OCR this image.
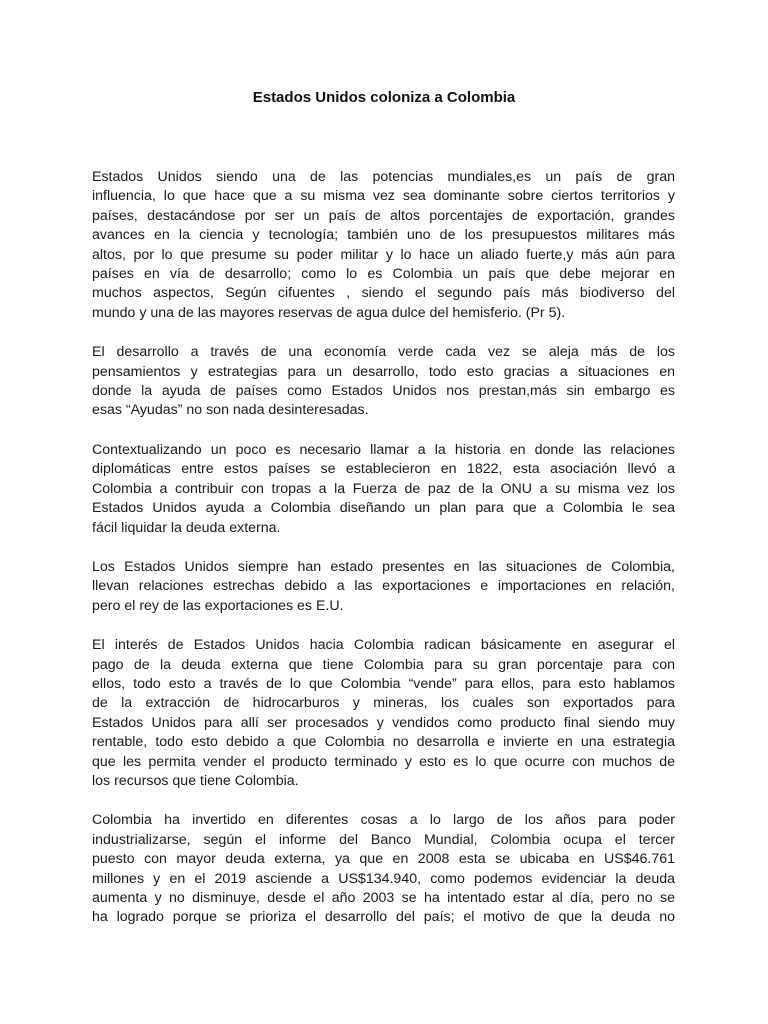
Estados Unidos coloniza a Colombia

Estados Unidos siendo una de las potencias mundiales,es un país de gran
influencia, lo que hace que a su misma vez sea dominante sobre ciertos territorios y
países, destacándose por ser un país de altos porcentajes de exportación, grandes
avances en la ciencia y tecnología; también uno de los presupuestos militares más
altos, por lo que presume su poder militar y lo hace un aliado fuerte,y más aún para
países en vía de desarrollo; como lo es Colombia un país que debe mejorar en
muchos aspectos, Según cifuentes , siendo el segundo país más biodiverso del
mundo y una de las mayores reservas de agua dulce del hemisferio. (Pr 5).

El desarrollo a través de una economía verde cada vez se aleja más de los
pensamientos y estrategias para un desarrollo, todo esto gracias a situaciones en
donde la ayuda de países como Estados Unidos nos prestan,más sin embargo es
esas “Ayudas” no son nada desinteresadas.

Contextualizando un poco es necesario llamar a la historia en donde las relaciones
diplomáticas entre estos países se establecieron en 1822, esta asociación llevó a
Colombia a contribuir con tropas a la Fuerza de paz de la ONU a su misma vez los
Estados Unidos ayuda a Colombia diseñando un plan para que a Colombia le sea
fácil liquidar la deuda externa.

Los Estados Unidos siempre han estado presentes en las situaciones de Colombia,
llevan relaciones estrechas debido a las exportaciones e importaciones en relación,
pero el rey de las exportaciones es E.U.

El interés de Estados Unidos hacia Colombia radican básicamente en asegurar el
pago de la deuda externa que tiene Colombia para su gran porcentaje para con
ellos, todo esto a través de lo que Colombia “vende” para ellos, para esto hablamos
de la extracción de hidrocarburos y mineras, los cuales son exportados para
Estados Unidos para allí ser procesados y vendidos como producto final siendo muy
rentable, todo esto debido a que Colombia no desarrolla e invierte en una estrategia
que les permita vender el producto terminado y esto es lo que ocurre con muchos de
los recursos que tiene Colombia.

Colombia ha invertido en diferentes cosas a lo largo de los años para poder
industrializarse, según el informe del Banco Mundial, Colombia ocupa el tercer
puesto con mayor deuda externa, ya que en 2008 esta se ubicaba en US$46.761
millones y en el 2019 asciende a US$134.940, como podemos evidenciar la deuda
aumenta y no disminuye, desde el año 2003 se ha intentado estar al día, pero no se
ha logrado porque se prioriza el desarrollo del país; el motivo de que la deuda no
